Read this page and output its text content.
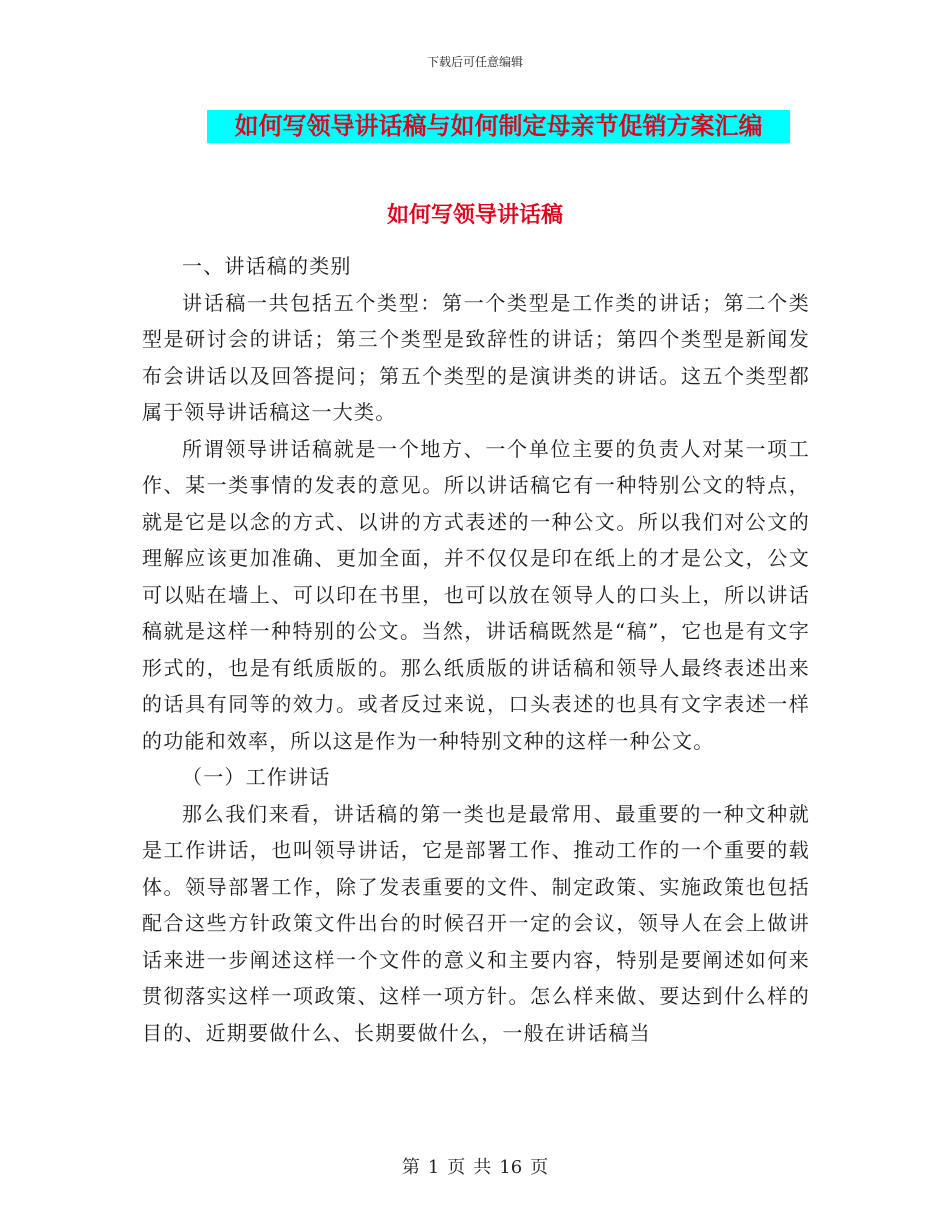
下载后可任意编辑
如何写领导讲话稿与如何制定母亲节促销方案汇编
如何写领导讲话稿

一、讲话稿的类别

讲话稿一共包括五个类型：第一个类型是工作类的讲话；第二个类型是研讨会的讲话；第三个类型是致辞性的讲话；第四个类型是新闻发布会讲话以及回答提问；第五个类型的是演讲类的讲话。这五个类型都属于领导讲话稿这一大类。

所谓领导讲话稿就是一个地方、一个单位主要的负责人对某一项工作、某一类事情的发表的意见。所以讲话稿它有一种特别公文的特点，就是它是以念的方式、以讲的方式表述的一种公文。所以我们对公文的理解应该更加准确、更加全面，并不仅仅是印在纸上的才是公文，公文可以贴在墙上、可以印在书里，也可以放在领导人的口头上，所以讲话稿就是这样一种特别的公文。当然，讲话稿既然是“稿”，它也是有文字形式的，也是有纸质版的。那么纸质版的讲话稿和领导人最终表述出来的话具有同等的效力。或者反过来说，口头表述的也具有文字表述一样的功能和效率，所以这是作为一种特别文种的这样一种公文。

（一）工作讲话

那么我们来看，讲话稿的第一类也是最常用、最重要的一种文种就是工作讲话，也叫领导讲话，它是部署工作、推动工作的一个重要的载体。领导部署工作，除了发表重要的文件、制定政策、实施政策也包括配合这些方针政策文件出台的时候召开一定的会议，领导人在会上做讲话来进一步阐述这样一个文件的意义和主要内容，特别是要阐述如何来贯彻落实这样一项政策、这样一项方针。怎么样来做、要达到什么样的目的、近期要做什么、长期要做什么，一般在讲话稿当

第 1 页 共 16 页
